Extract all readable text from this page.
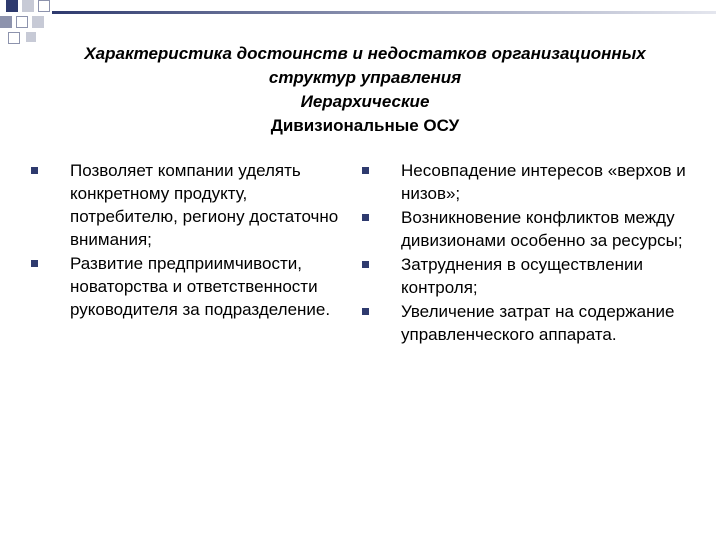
Характеристика достоинств и недостатков организационных
структур управления
Иерархические
Дивизиональные ОСУ
Позволяет компании уделять конкретному продукту, потребителю, региону достаточно внимания;
Развитие предприимчивости, новаторства и ответственности руководителя за подразделение.
Несовпадение интересов «верхов и низов»;
Возникновение конфликтов между дивизионами особенно за ресурсы;
Затруднения в осуществлении контроля;
Увеличение затрат на содержание управленческого аппарата.
